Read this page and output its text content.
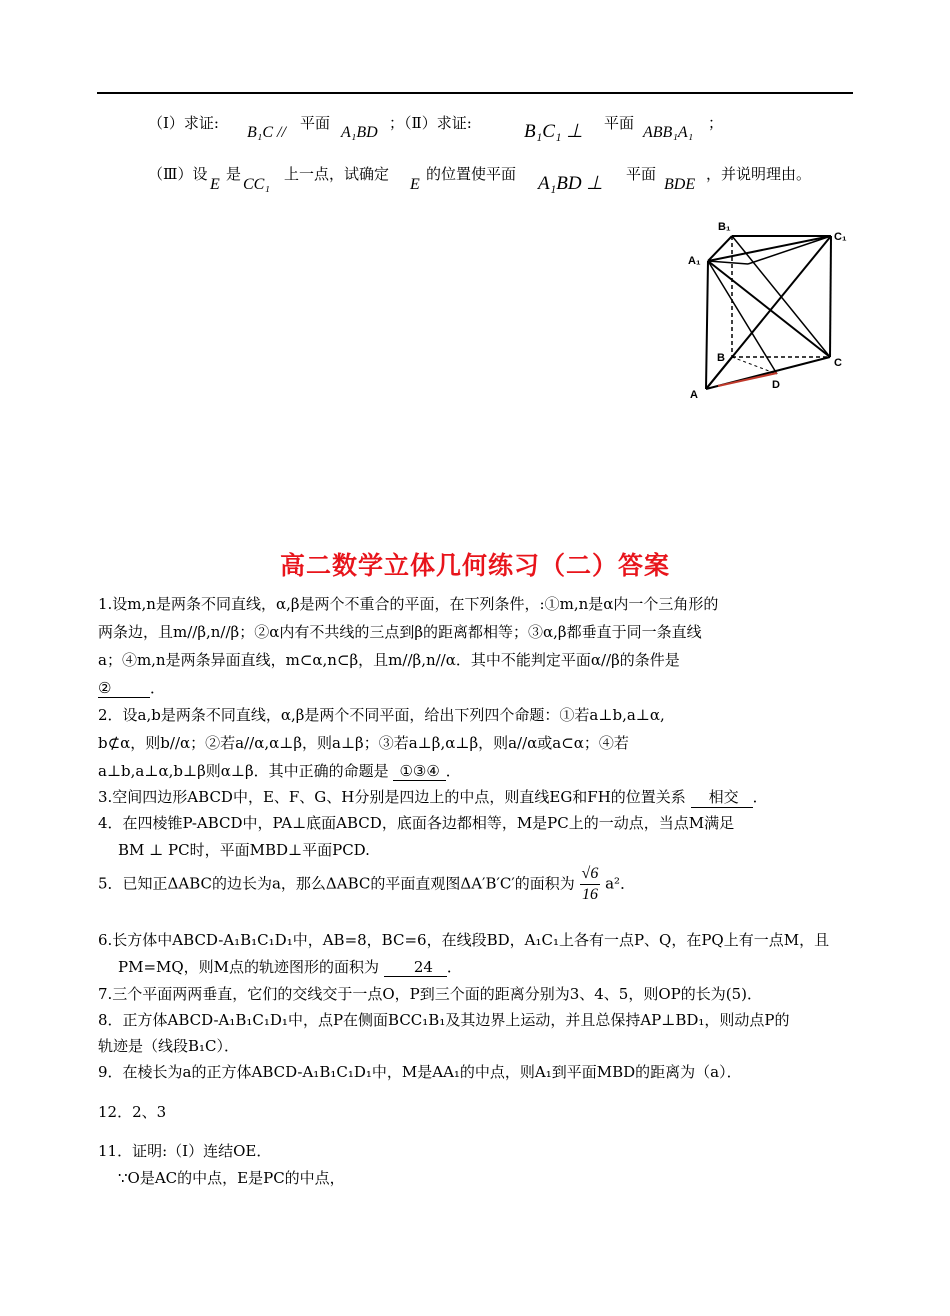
（Ⅰ）求证:
B₁C //
平面
A₁BD
；（Ⅱ）求证:	B₁C₁ ⊥ 平面
ABB₁A₁
；
（Ⅲ）设
E
是
CC₁
上一点，试确定
E
的位置使平面 A₁BD ⊥ 平面
BDE
，并说明理由。
B₁
C₁
A₁
B	C
A
D
高二数学立体几何练习（二）答案
1.设m,n是两条不同直线，α,β是两个不重合的平面，在下列条件，:①m,n是α内一个三角形的
两条边，且m//β,n//β；②α内有不共线的三点到β的距离都相等；③α,β都垂直于同一条直线
a；④m,n是两条异面直线，m⊂α,n⊂β，且m//β,n//α．其中不能判定平面α//β的条件是
②	．
2．设a,b是两条不同直线，α,β是两个不同平面，给出下列四个命题：①若a⊥b,a⊥α,
b⊄α，则b//α；②若a//α,α⊥β，则a⊥β；③若a⊥β,α⊥β，则a//α或a⊂α；④若
a⊥b,a⊥α,b⊥β则α⊥β．其中正确的命题是 ①③④ ．
3.空间四边形ABCD中，E、F、G、H分别是四边上的中点，则直线EG和FH的位置关系 相交 ．
4．在四棱锥P-ABCD中，PA⊥底面ABCD，底面各边都相等，M是PC上的一动点，当点M满足
BM ⊥ PC时，平面MBD⊥平面PCD.
5．已知正ΔABC的边长为a，那么ΔABC的平面直观图ΔA′B′C′的面积为 $\frac{√6}{16} a^2$．
6.长方体中ABCD-A₁B₁C₁D₁中，AB=8，BC=6，在线段BD，A₁C₁上各有一点P、Q，在PQ上有一点M，且
PM=MQ，则M点的轨迹图形的面积为 24 ．
7.三个平面两两垂直，它们的交线交于一点O，P到三个面的距离分别为3、4、5，则OP的长为(5)．
8．正方体ABCD-A₁B₁C₁D₁中，点P在侧面BCC₁B₁及其边界上运动，并且总保持AP⊥BD₁，则动点P的
轨迹是（线段B₁C）．
9．在棱长为a的正方体ABCD-A₁B₁C₁D₁中，M是AA₁的中点，则A₁到平面MBD的距离为（a）．
12．2、3
11．证明:（Ⅰ）连结OE．
∵O是AC的中点，E是PC的中点，
